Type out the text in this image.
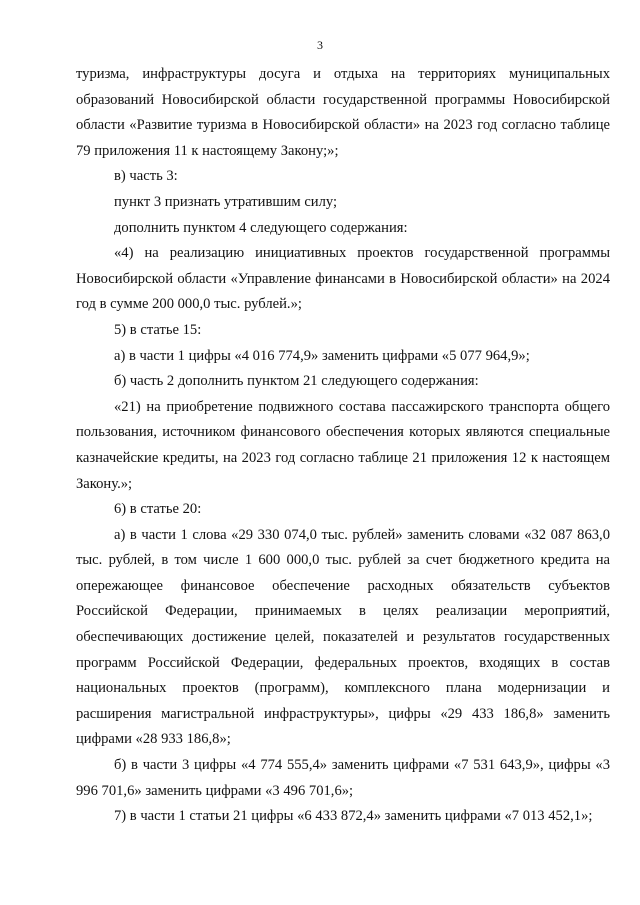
3

туризма, инфраструктуры досуга и отдыха на территориях муниципальных образований Новосибирской области государственной программы Новосибирской области «Развитие туризма в Новосибирской области» на 2023 год согласно таблице 79 приложения 11 к настоящему Закону;»;

в) часть 3:

пункт 3 признать утратившим силу;

дополнить пунктом 4 следующего содержания:

«4) на реализацию инициативных проектов государственной программы Новосибирской области «Управление финансами в Новосибирской области» на 2024 год в сумме 200 000,0 тыс. рублей.»;

5) в статье 15:

а) в части 1 цифры «4 016 774,9» заменить цифрами «5 077 964,9»;

б) часть 2 дополнить пунктом 21 следующего содержания:

«21) на приобретение подвижного состава пассажирского транспорта общего пользования, источником финансового обеспечения которых являются специальные казначейские кредиты, на 2023 год согласно таблице 21 приложения 12 к настоящем Закону.»;

6) в статье 20:

а) в части 1 слова «29 330 074,0 тыс. рублей» заменить словами «32 087 863,0 тыс. рублей, в том числе 1 600 000,0 тыс. рублей за счет бюджетного кредита на опережающее финансовое обеспечение расходных обязательств субъектов Российской Федерации, принимаемых в целях реализации мероприятий, обеспечивающих достижение целей, показателей и результатов государственных программ Российской Федерации, федеральных проектов, входящих в состав национальных проектов (программ), комплексного плана модернизации и расширения магистральной инфраструктуры», цифры «29 433 186,8» заменить цифрами «28 933 186,8»;

б) в части 3 цифры «4 774 555,4» заменить цифрами «7 531 643,9», цифры «3 996 701,6» заменить цифрами «3 496 701,6»;

7) в части 1 статьи 21 цифры «6 433 872,4» заменить цифрами «7 013 452,1»;
